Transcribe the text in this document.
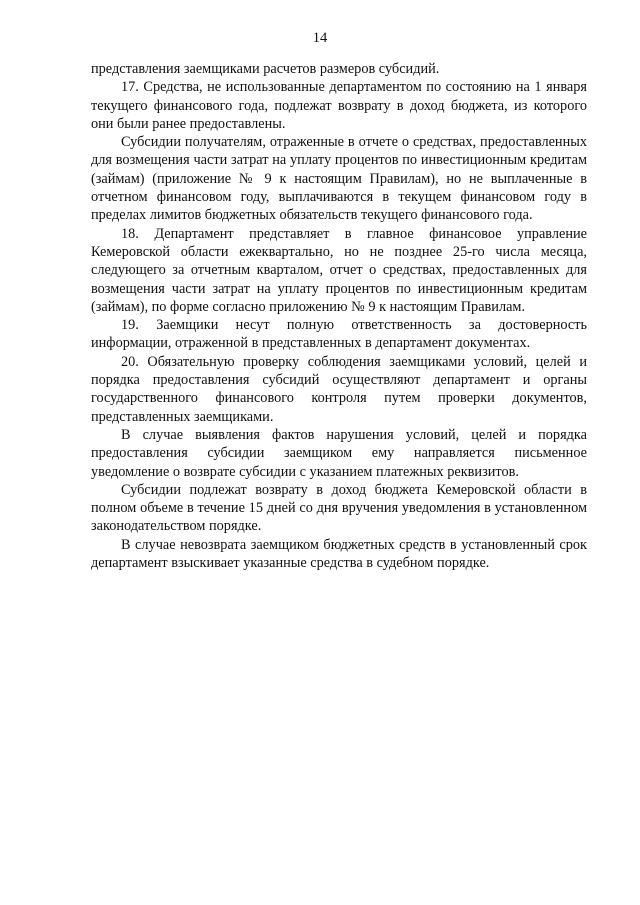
14

представления заемщиками расчетов размеров субсидий.

17. Средства, не использованные департаментом по состоянию на 1 января текущего финансового года, подлежат возврату в доход бюджета, из которого они были ранее предоставлены.

Субсидии получателям, отраженные в отчете о средствах, предоставленных для возмещения части затрат на уплату процентов по инвестиционным кредитам (займам) (приложение № 9 к настоящим Правилам), но не выплаченные в отчетном финансовом году, выплачиваются в текущем финансовом году в пределах лимитов бюджетных обязательств текущего финансового года.

18. Департамент представляет в главное финансовое управление Кемеровской области ежеквартально, но не позднее 25-го числа месяца, следующего за отчетным кварталом, отчет о средствах, предоставленных для возмещения части затрат на уплату процентов по инвестиционным кредитам (займам), по форме согласно приложению № 9 к настоящим Правилам.

19. Заемщики несут полную ответственность за достоверность информации, отраженной в представленных в департамент документах.

20. Обязательную проверку соблюдения заемщиками условий, целей и порядка предоставления субсидий осуществляют департамент и органы государственного финансового контроля путем проверки документов, представленных заемщиками.

В случае выявления фактов нарушения условий, целей и порядка предоставления субсидии заемщиком ему направляется письменное уведомление о возврате субсидии с указанием платежных реквизитов.

Субсидии подлежат возврату в доход бюджета Кемеровской области в полном объеме в течение 15 дней со дня вручения уведомления в установленном законодательством порядке.

В случае невозврата заемщиком бюджетных средств в установленный срок департамент взыскивает указанные средства в судебном порядке.
